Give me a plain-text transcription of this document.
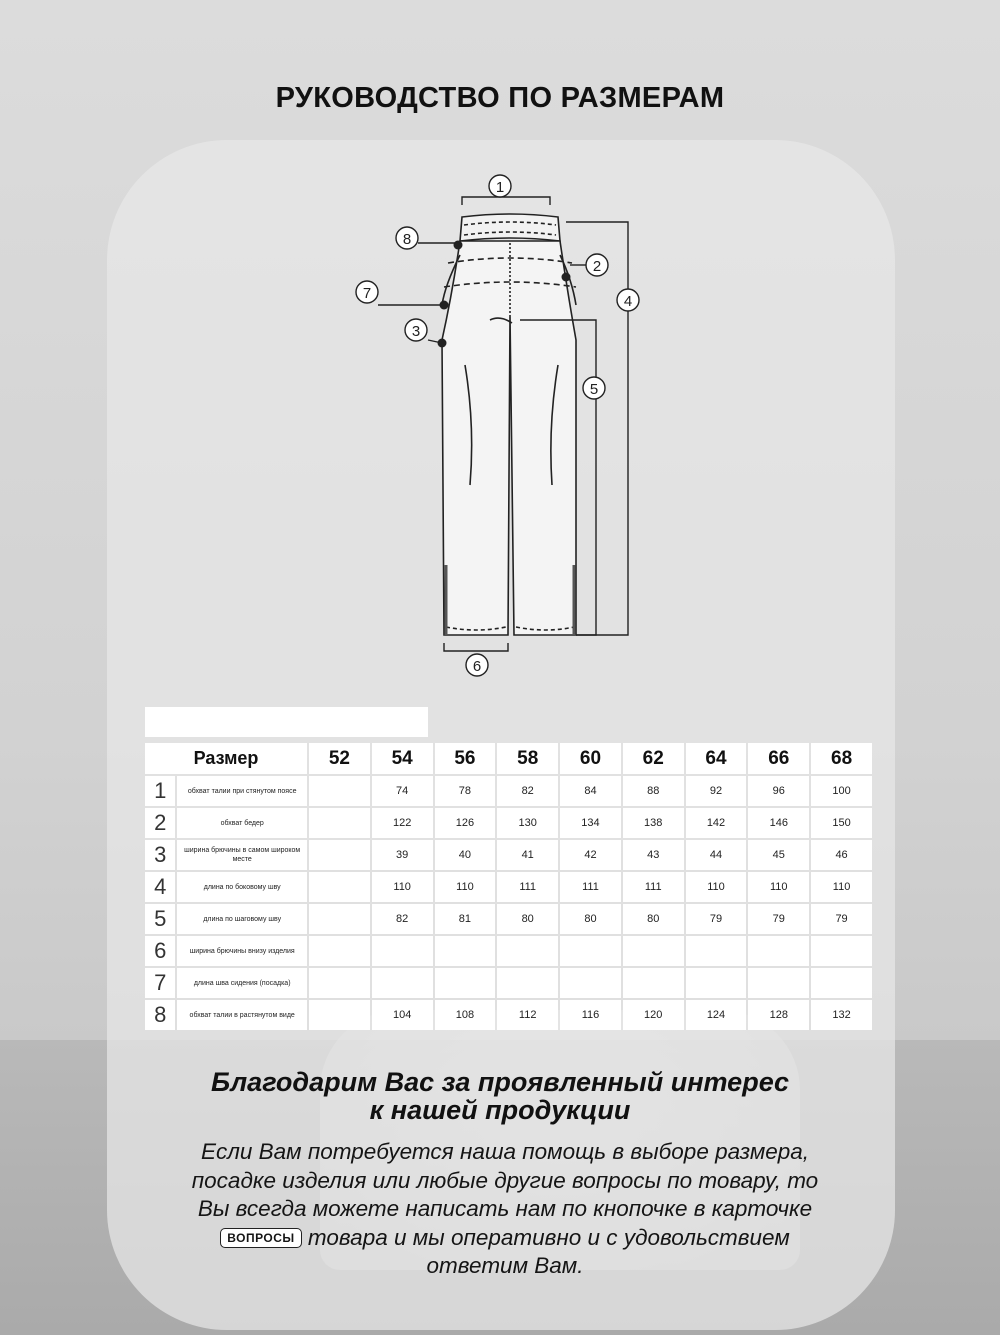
РУКОВОДСТВО ПО РАЗМЕРАМ
1
2
3
4
5
6
7
8
Размер		52	54	56	58	60	62	64	66	68
1	обхват талии при стянутом поясе		74	78	82	84	88	92	96	100
2	обхват бедер		122	126	130	134	138	142	146	150
3	ширина брючины в самом широком месте		39	40	41	42	43	44	45	46
4	длина по боковому шву		110	110	111	111	111	110	110	110
5	длина по шаговому шву		82	81	80	80	80	79	79	79
6	ширина брючины внизу изделия									
7	длина шва сидения (посадка)									
8	обхват талии в растянутом виде		104	108	112	116	120	124	128	132
Благодарим Вас за проявленный интерес
к нашей продукции
Если Вам потребуется наша помощь в выборе размера, посадке изделия или любые другие вопросы по товару, то Вы всегда можете написать нам по кнопочке в карточке ВОПРОСЫ товара и мы оперативно и с удовольствием ответим Вам.
